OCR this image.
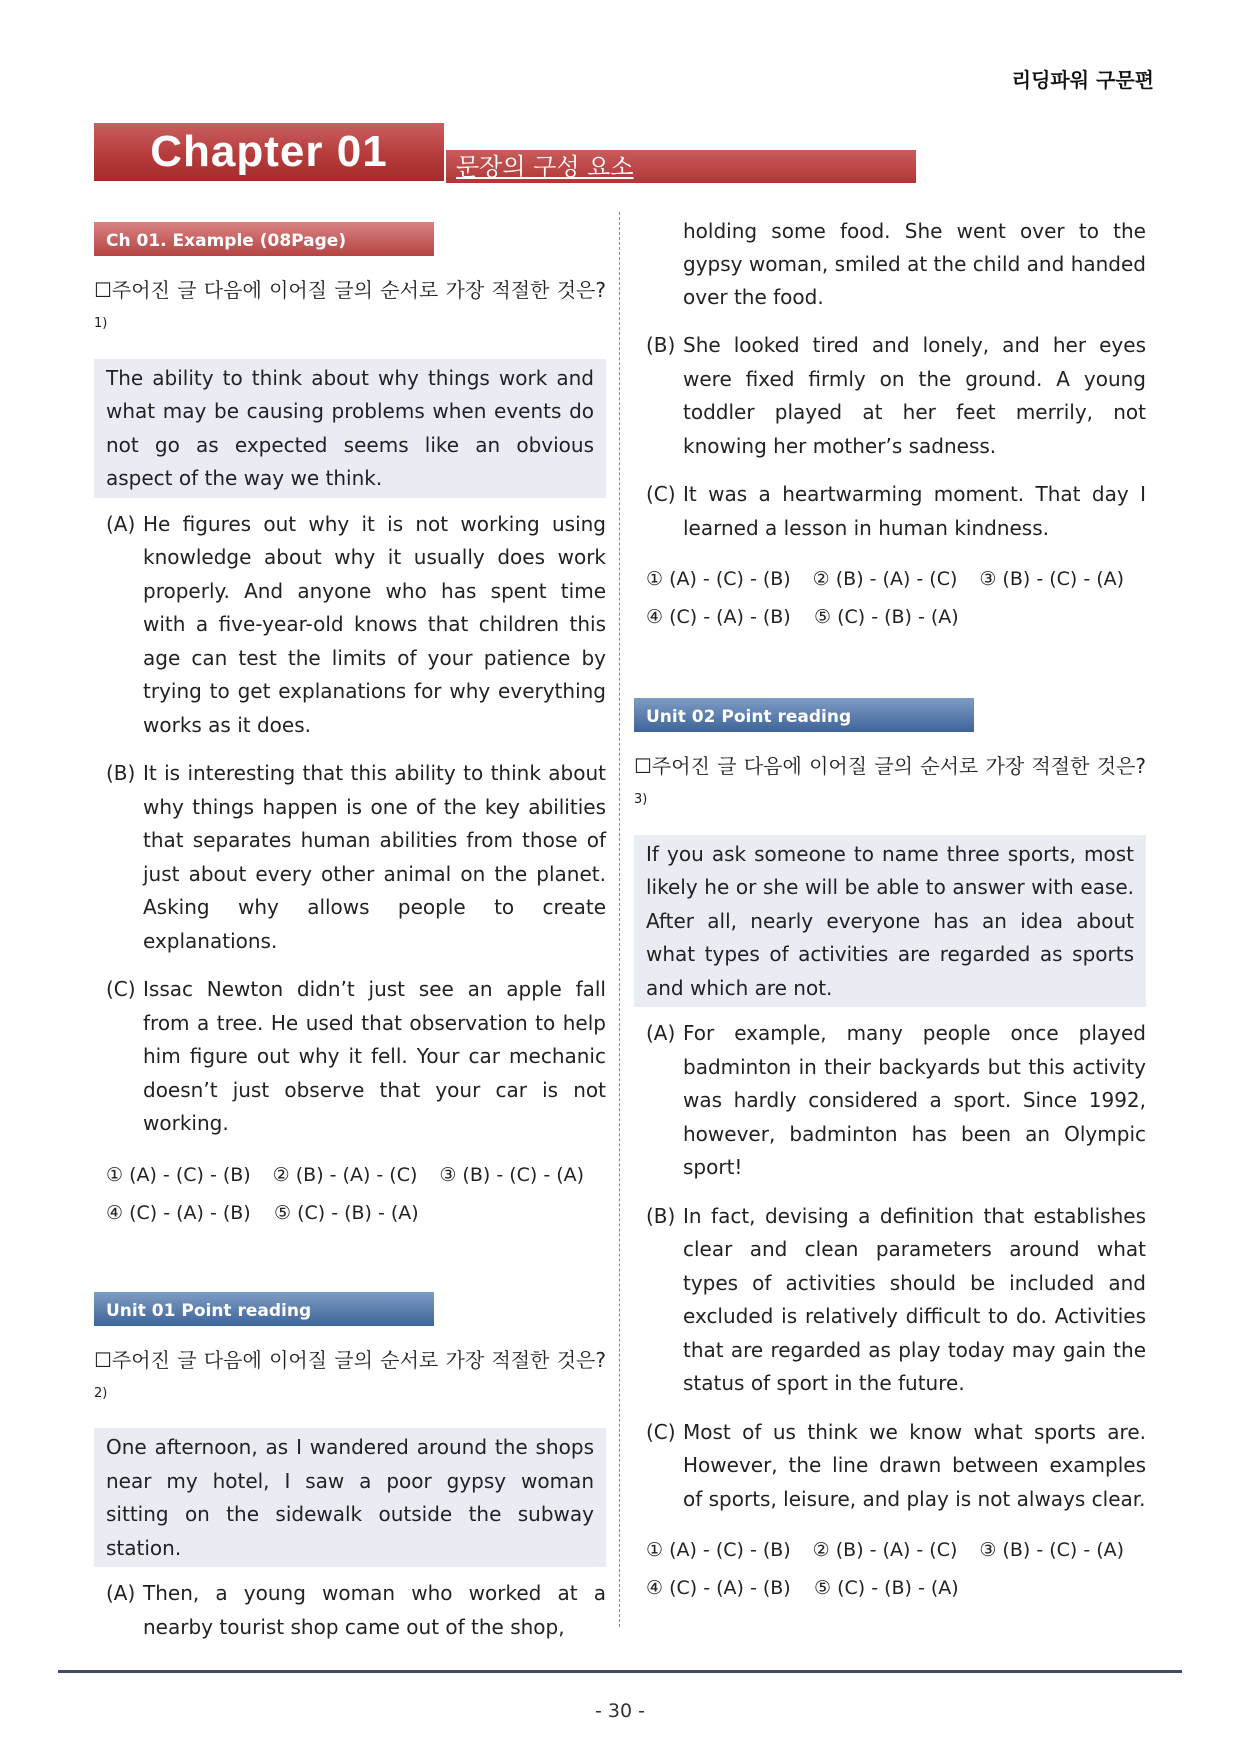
리딩파워 구문편
Chapter 01	문장의 구성 요소
Ch 01. Example (08Page)
☐주어진 글 다음에 이어질 글의 순서로 가장 적절한 것은?$^{1)}$
The ability to think about why things work and what may be causing problems when events do not go as expected seems like an obvious aspect of the way we think.
(A) He figures out why it is not working using knowledge about why it usually does work properly. And anyone who has spent time with a five-year-old knows that children this age can test the limits of your patience by trying to get explanations for why everything works as it does.
(B) It is interesting that this ability to think about why things happen is one of the key abilities that separates human abilities from those of just about every other animal on the planet. Asking why allows people to create explanations.
(C) Issac Newton didn’t just see an apple fall from a tree. He used that observation to help him figure out why it fell. Your car mechanic doesn’t just observe that your car is not working.
① (A) - (C) - (B)	② (B) - (A) - (C)	③ (B) - (C) - (A)
④ (C) - (A) - (B)	⑤ (C) - (B) - (A)
Unit 01 Point reading
☐주어진 글 다음에 이어질 글의 순서로 가장 적절한 것은?$^{2)}$
One afternoon, as I wandered around the shops near my hotel, I saw a poor gypsy woman sitting on the sidewalk outside the subway station.
(A) Then, a young woman who worked at a nearby tourist shop came out of the shop,
holding some food. She went over to the gypsy woman, smiled at the child and handed over the food.
(B) She looked tired and lonely, and her eyes were fixed firmly on the ground. A young toddler played at her feet merrily, not knowing her mother’s sadness.
(C) It was a heartwarming moment. That day I learned a lesson in human kindness.
① (A) - (C) - (B)	② (B) - (A) - (C)	③ (B) - (C) - (A)
④ (C) - (A) - (B)	⑤ (C) - (B) - (A)
Unit 02 Point reading
☐주어진 글 다음에 이어질 글의 순서로 가장 적절한 것은?$^{3)}$
If you ask someone to name three sports, most likely he or she will be able to answer with ease. After all, nearly everyone has an idea about what types of activities are regarded as sports and which are not.
(A) For example, many people once played badminton in their backyards but this activity was hardly considered a sport. Since 1992, however, badminton has been an Olympic sport!
(B) In fact, devising a definition that establishes clear and clean parameters around what types of activities should be included and excluded is relatively difficult to do. Activities that are regarded as play today may gain the status of sport in the future.
(C) Most of us think we know what sports are. However, the line drawn between examples of sports, leisure, and play is not always clear.
① (A) - (C) - (B)	② (B) - (A) - (C)	③ (B) - (C) - (A)
④ (C) - (A) - (B)	⑤ (C) - (B) - (A)
- 30 -
